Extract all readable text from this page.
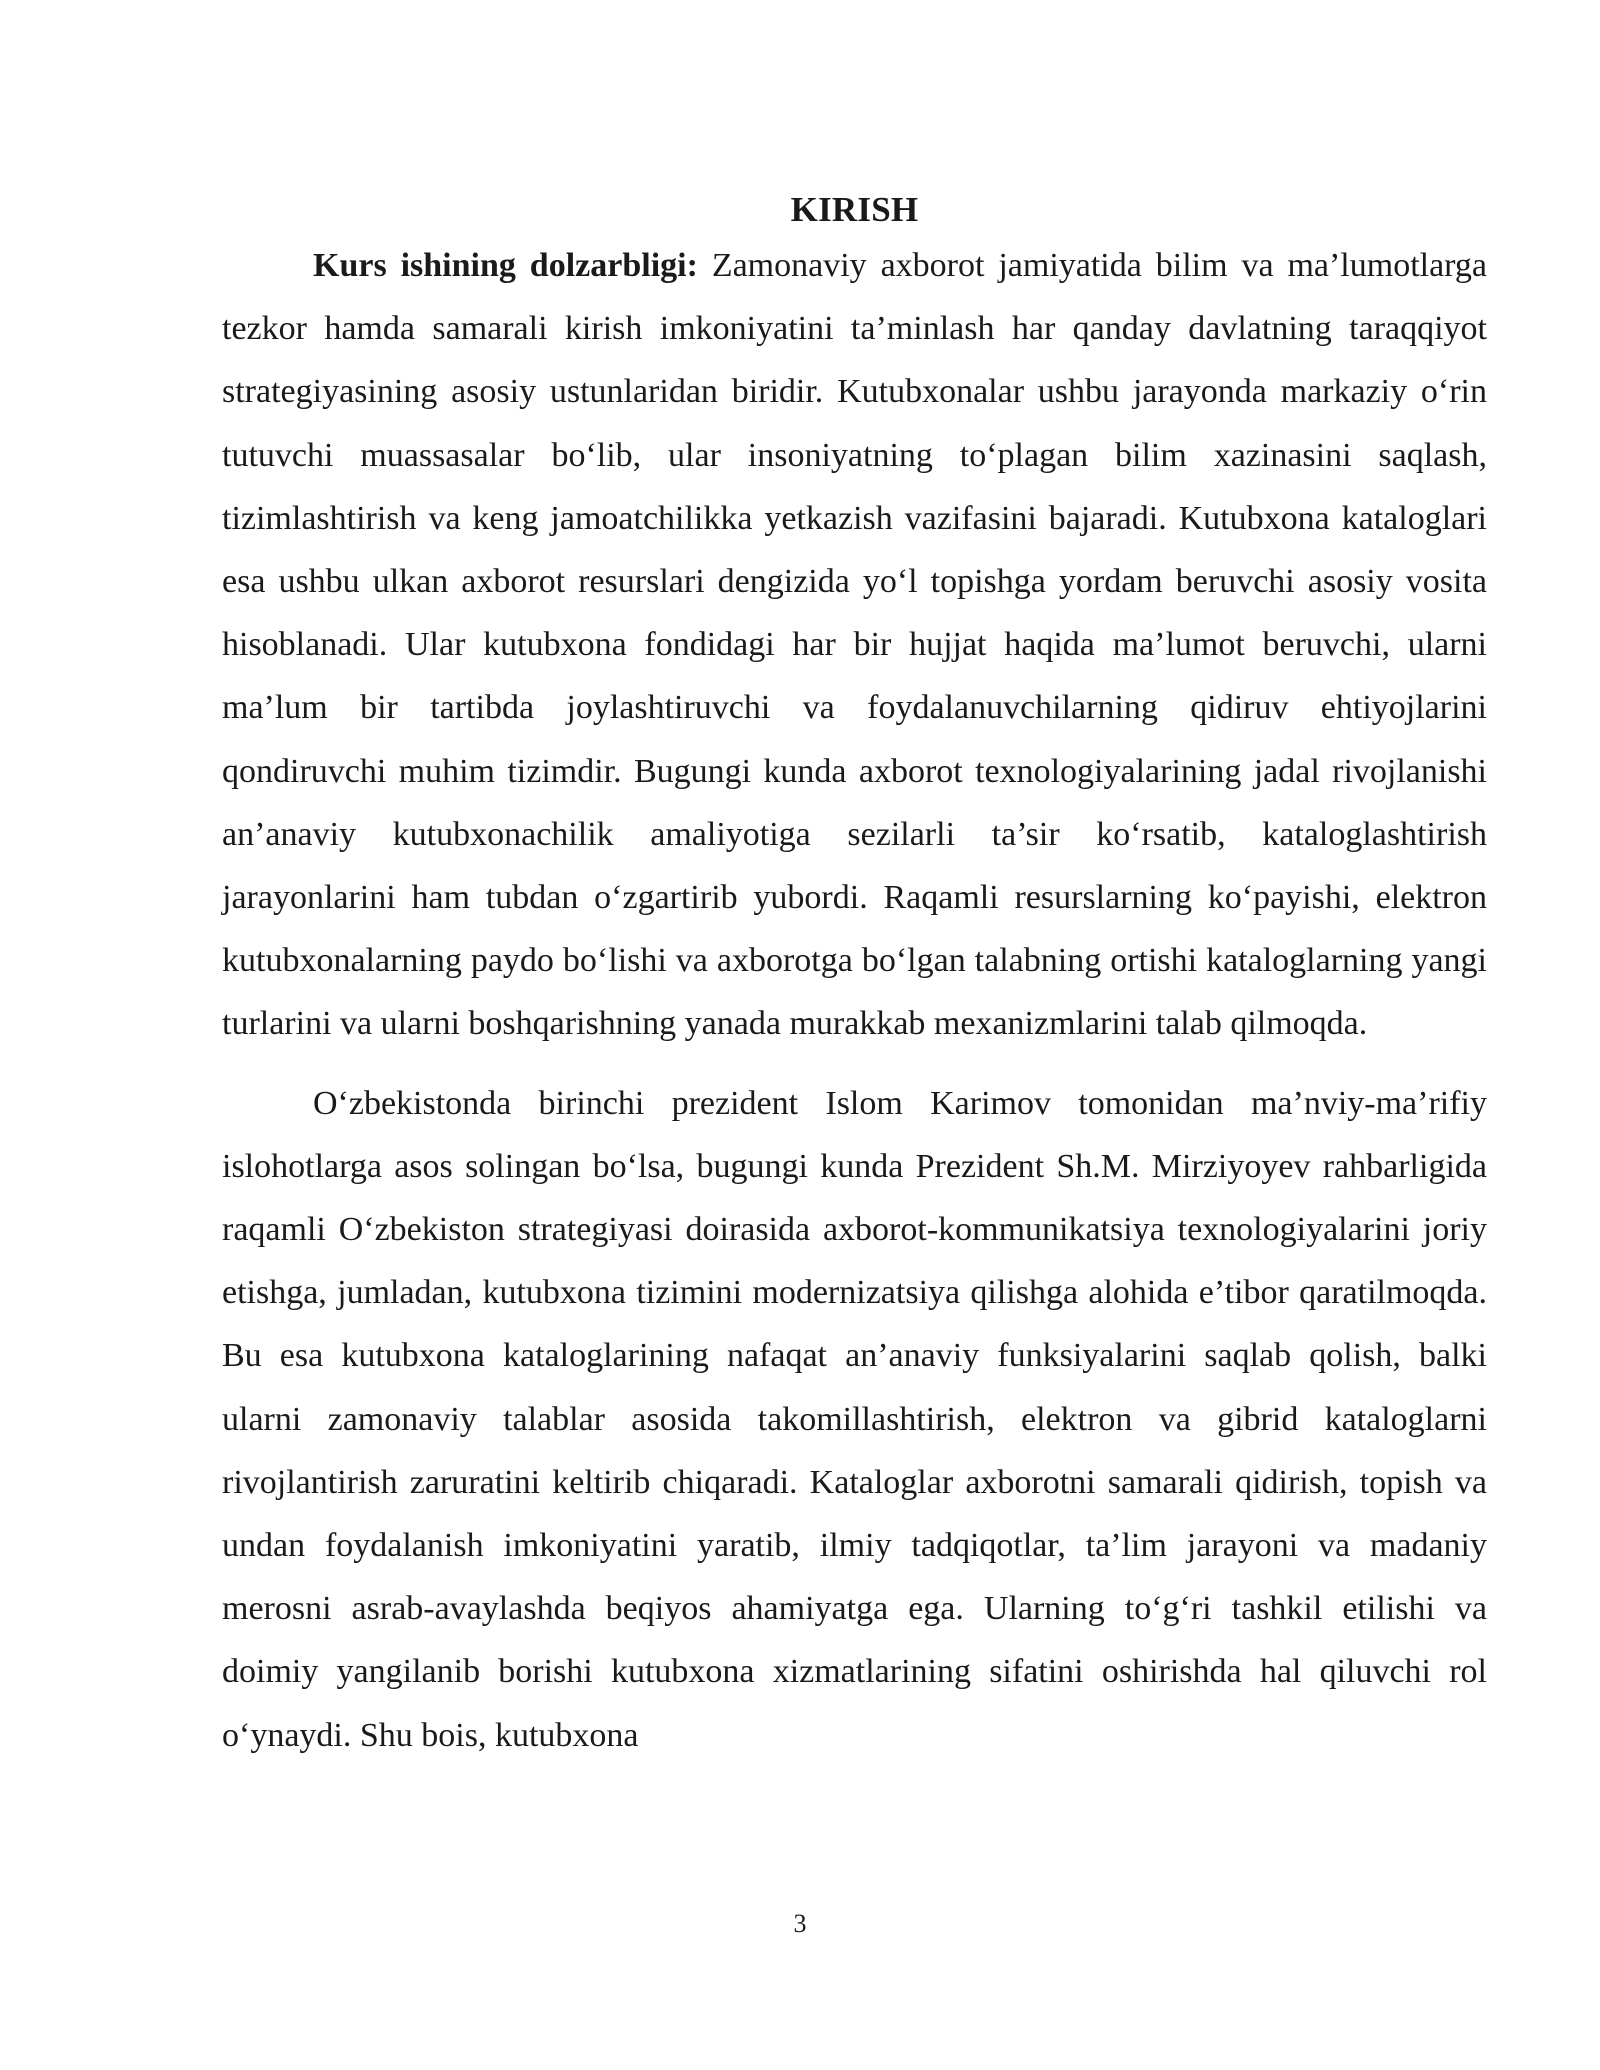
KIRISH

Kurs ishining dolzarbligi: Zamonaviy axborot jamiyatida bilim va ma’lumotlarga tezkor hamda samarali kirish imkoniyatini ta’minlash har qanday davlatning taraqqiyot strategiyasining asosiy ustunlaridan biridir. Kutubxonalar ushbu jarayonda markaziy o‘rin tutuvchi muassasalar bo‘lib, ular insoniyatning to‘plagan bilim xazinasini saqlash, tizimlashtirish va keng jamoatchilikka yetkazish vazifasini bajaradi. Kutubxona kataloglari esa ushbu ulkan axborot resurslari dengizida yo‘l topishga yordam beruvchi asosiy vosita hisoblanadi. Ular kutubxona fondidagi har bir hujjat haqida ma’lumot beruvchi, ularni ma’lum bir tartibda joylashtiruvchi va foydalanuvchilarning qidiruv ehtiyojlarini qondiruvchi muhim tizimdir. Bugungi kunda axborot texnologiyalarining jadal rivojlanishi an’anaviy kutubxonachilik amaliyotiga sezilarli ta’sir ko‘rsatib, kataloglashtirish jarayonlarini ham tubdan o‘zgartirib yubordi. Raqamli resurslarning ko‘payishi, elektron kutubxonalarning paydo bo‘lishi va axborotga bo‘lgan talabning ortishi kataloglarning yangi turlarini va ularni boshqarishning yanada murakkab mexanizmlarini talab qilmoqda.

O‘zbekistonda birinchi prezident Islom Karimov tomonidan ma’nviy-ma’rifiy islohotlarga asos solingan bo‘lsa, bugungi kunda Prezident Sh.M. Mirziyoyev rahbarligida raqamli O‘zbekiston strategiyasi doirasida axborot-kommunikatsiya texnologiyalarini joriy etishga, jumladan, kutubxona tizimini modernizatsiya qilishga alohida e’tibor qaratilmoqda. Bu esa kutubxona kataloglarining nafaqat an’anaviy funksiyalarini saqlab qolish, balki ularni zamonaviy talablar asosida takomillashtirish, elektron va gibrid kataloglarni rivojlantirish zaruratini keltirib chiqaradi. Kataloglar axborotni samarali qidirish, topish va undan foydalanish imkoniyatini yaratib, ilmiy tadqiqotlar, ta’lim jarayoni va madaniy merosni asrab-avaylashda beqiyos ahamiyatga ega. Ularning to‘g‘ri tashkil etilishi va doimiy yangilanib borishi kutubxona xizmatlarining sifatini oshirishda hal qiluvchi rol o‘ynaydi. Shu bois, kutubxona

3
